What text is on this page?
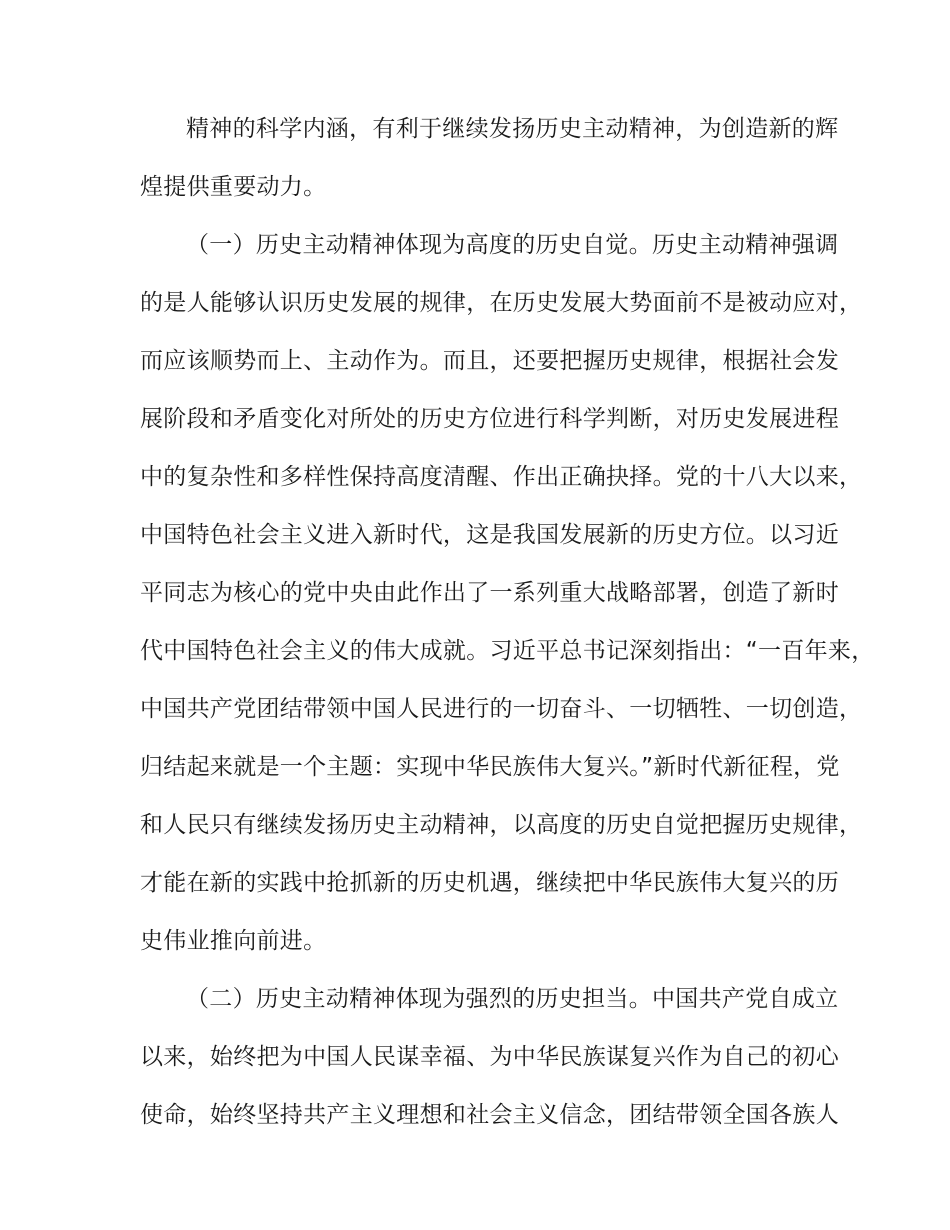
精神的科学内涵，有利于继续发扬历史主动精神，为创造新的辉
煌提供重要动力。
（一）历史主动精神体现为高度的历史自觉。历史主动精神强调
的是人能够认识历史发展的规律，在历史发展大势面前不是被动应对，
而应该顺势而上、主动作为。而且，还要把握历史规律，根据社会发
展阶段和矛盾变化对所处的历史方位进行科学判断，对历史发展进程
中的复杂性和多样性保持高度清醒、作出正确抉择。党的十八大以来，
中国特色社会主义进入新时代，这是我国发展新的历史方位。以习近
平同志为核心的党中央由此作出了一系列重大战略部署，创造了新时
代中国特色社会主义的伟大成就。习近平总书记深刻指出：“一百年来，
中国共产党团结带领中国人民进行的一切奋斗、一切牺牲、一切创造，
归结起来就是一个主题：实现中华民族伟大复兴。”新时代新征程，党
和人民只有继续发扬历史主动精神，以高度的历史自觉把握历史规律，
才能在新的实践中抢抓新的历史机遇，继续把中华民族伟大复兴的历
史伟业推向前进。
（二）历史主动精神体现为强烈的历史担当。中国共产党自成立
以来，始终把为中国人民谋幸福、为中华民族谋复兴作为自己的初心
使命，始终坚持共产主义理想和社会主义信念，团结带领全国各族人
